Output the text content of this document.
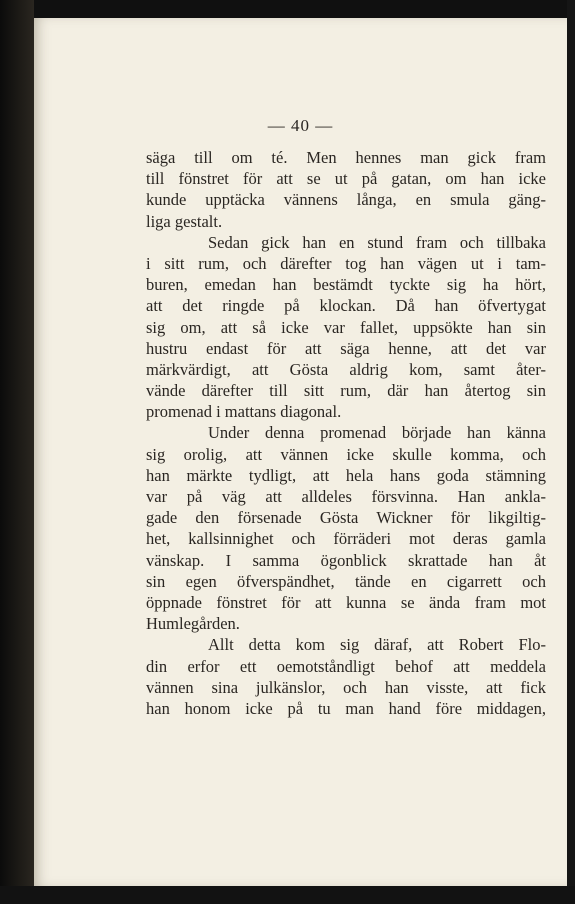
— 40 —
säga till om té. Men hennes man gick fram
till fönstret för att se ut på gatan, om han icke
kunde upptäcka vännens långa, en smula gäng-
liga gestalt.
Sedan gick han en stund fram och tillbaka
i sitt rum, och därefter tog han vägen ut i tam-
buren, emedan han bestämdt tyckte sig ha hört,
att det ringde på klockan. Då han öfvertygat
sig om, att så icke var fallet, uppsökte han sin
hustru endast för att säga henne, att det var
märkvärdigt, att Gösta aldrig kom, samt åter-
vände därefter till sitt rum, där han återtog sin
promenad i mattans diagonal.
Under denna promenad började han känna
sig orolig, att vännen icke skulle komma, och
han märkte tydligt, att hela hans goda stämning
var på väg att alldeles försvinna. Han ankla-
gade den försenade Gösta Wickner för likgiltig-
het, kallsinnighet och förräderi mot deras gamla
vänskap. I samma ögonblick skrattade han åt
sin egen öfverspändhet, tände en cigarrett och
öppnade fönstret för att kunna se ända fram mot
Humlegården.
Allt detta kom sig däraf, att Robert Flo-
din erfor ett oemotståndligt behof att meddela
vännen sina julkänslor, och han visste, att fick
han honom icke på tu man hand före middagen,
